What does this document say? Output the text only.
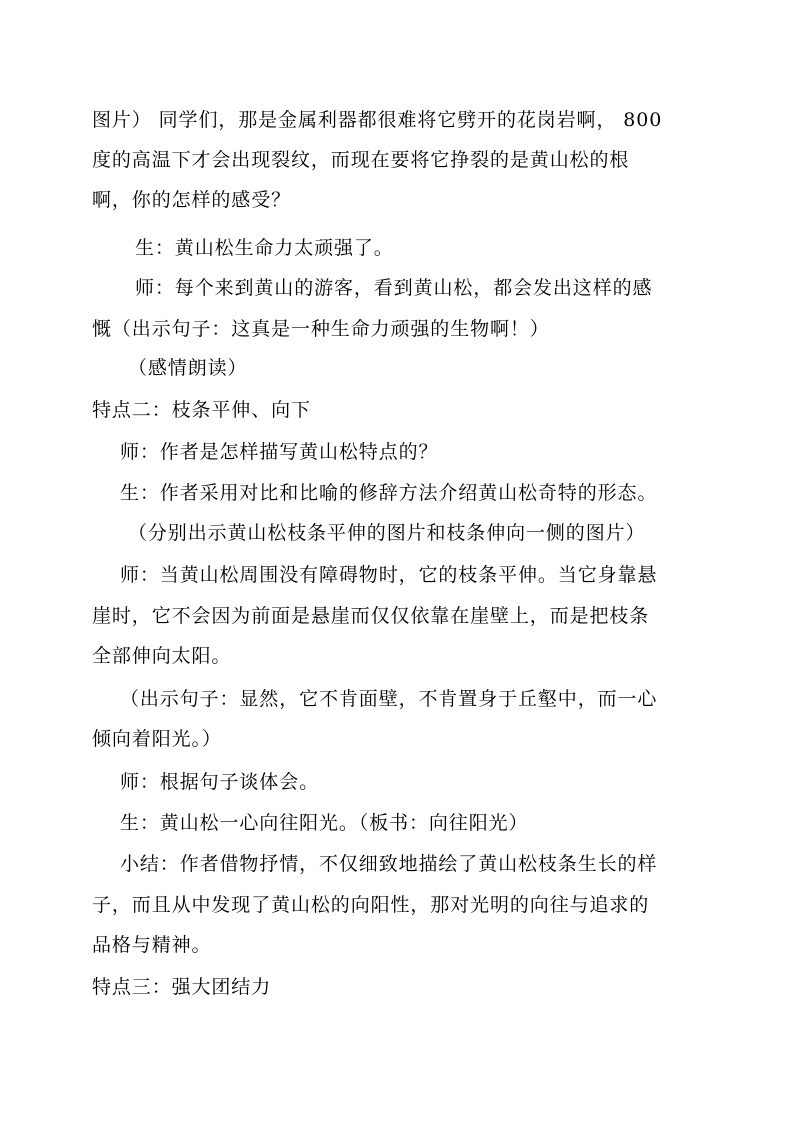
图片） 同学们，那是金属利器都很难将它劈开的花岗岩啊， 800
度的高温下才会出现裂纹，而现在要将它挣裂的是黄山松的根
啊，你的怎样的感受？
生：黄山松生命力太顽强了。
师：每个来到黄山的游客，看到黄山松，都会发出这样的感
慨（出示句子：这真是一种生命力顽强的生物啊！）
（感情朗读）
特点二：枝条平伸、向下
师：作者是怎样描写黄山松特点的？
生：作者采用对比和比喻的修辞方法介绍黄山松奇特的形态。
（分别出示黄山松枝条平伸的图片和枝条伸向一侧的图片）
师：当黄山松周围没有障碍物时，它的枝条平伸。当它身靠悬
崖时，它不会因为前面是悬崖而仅仅依靠在崖壁上，而是把枝条
全部伸向太阳。
（出示句子：显然，它不肯面壁，不肯置身于丘壑中，而一心
倾向着阳光。）
师：根据句子谈体会。
生：黄山松一心向往阳光。（板书：向往阳光）
小结：作者借物抒情，不仅细致地描绘了黄山松枝条生长的样
子，而且从中发现了黄山松的向阳性，那对光明的向往与追求的
品格与精神。
特点三：强大团结力
